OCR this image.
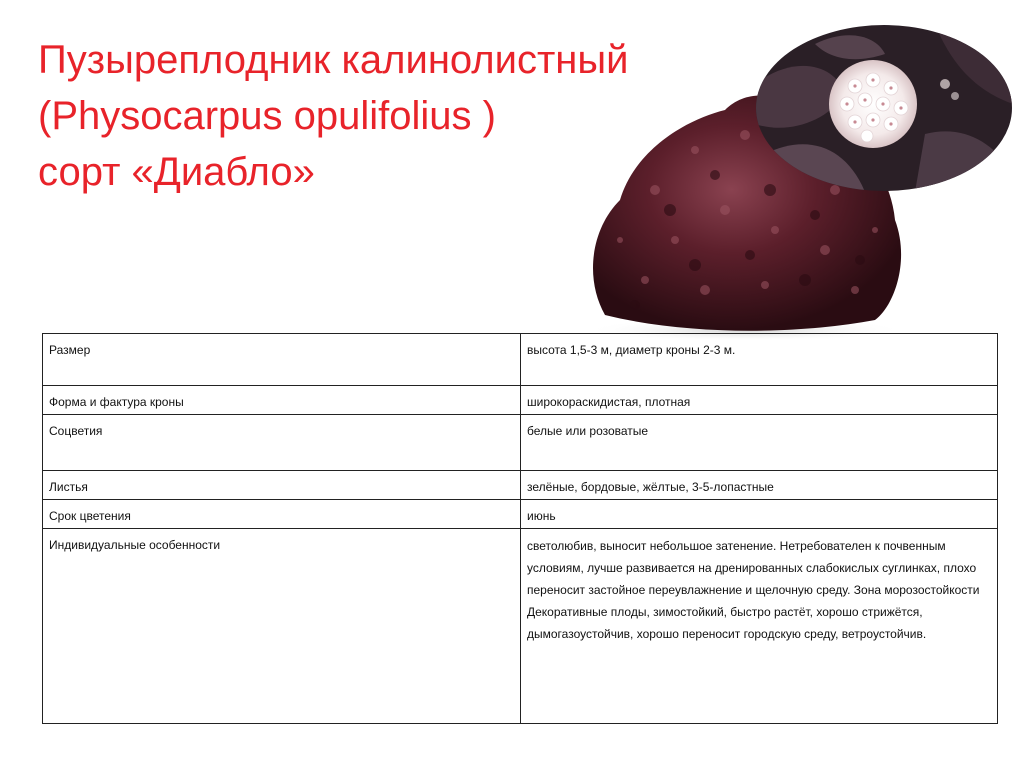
Пузыреплодник калинолистный
(Physocarpus opulifolius )
сорт «Диабло»
Размер	высота 1,5-3 м, диаметр кроны 2-3 м.
Форма и фактура кроны	широкораскидистая, плотная
Соцветия	белые или розоватые
Листья	зелёные, бордовые, жёлтые, 3-5-лопастные
Срок цветения	июнь
Индивидуальные особенности	светолюбив, выносит небольшое затенение. Нетребователен к почвенным условиям, лучше развивается на дренированных слабокислых суглинках, плохо переносит застойное переувлажнение и щелочную среду. Зона морозостойкости Декоративные плоды, зимостойкий, быстро растёт, хорошо стрижётся, дымогазоустойчив, хорошо переносит городскую среду, ветроустойчив.
